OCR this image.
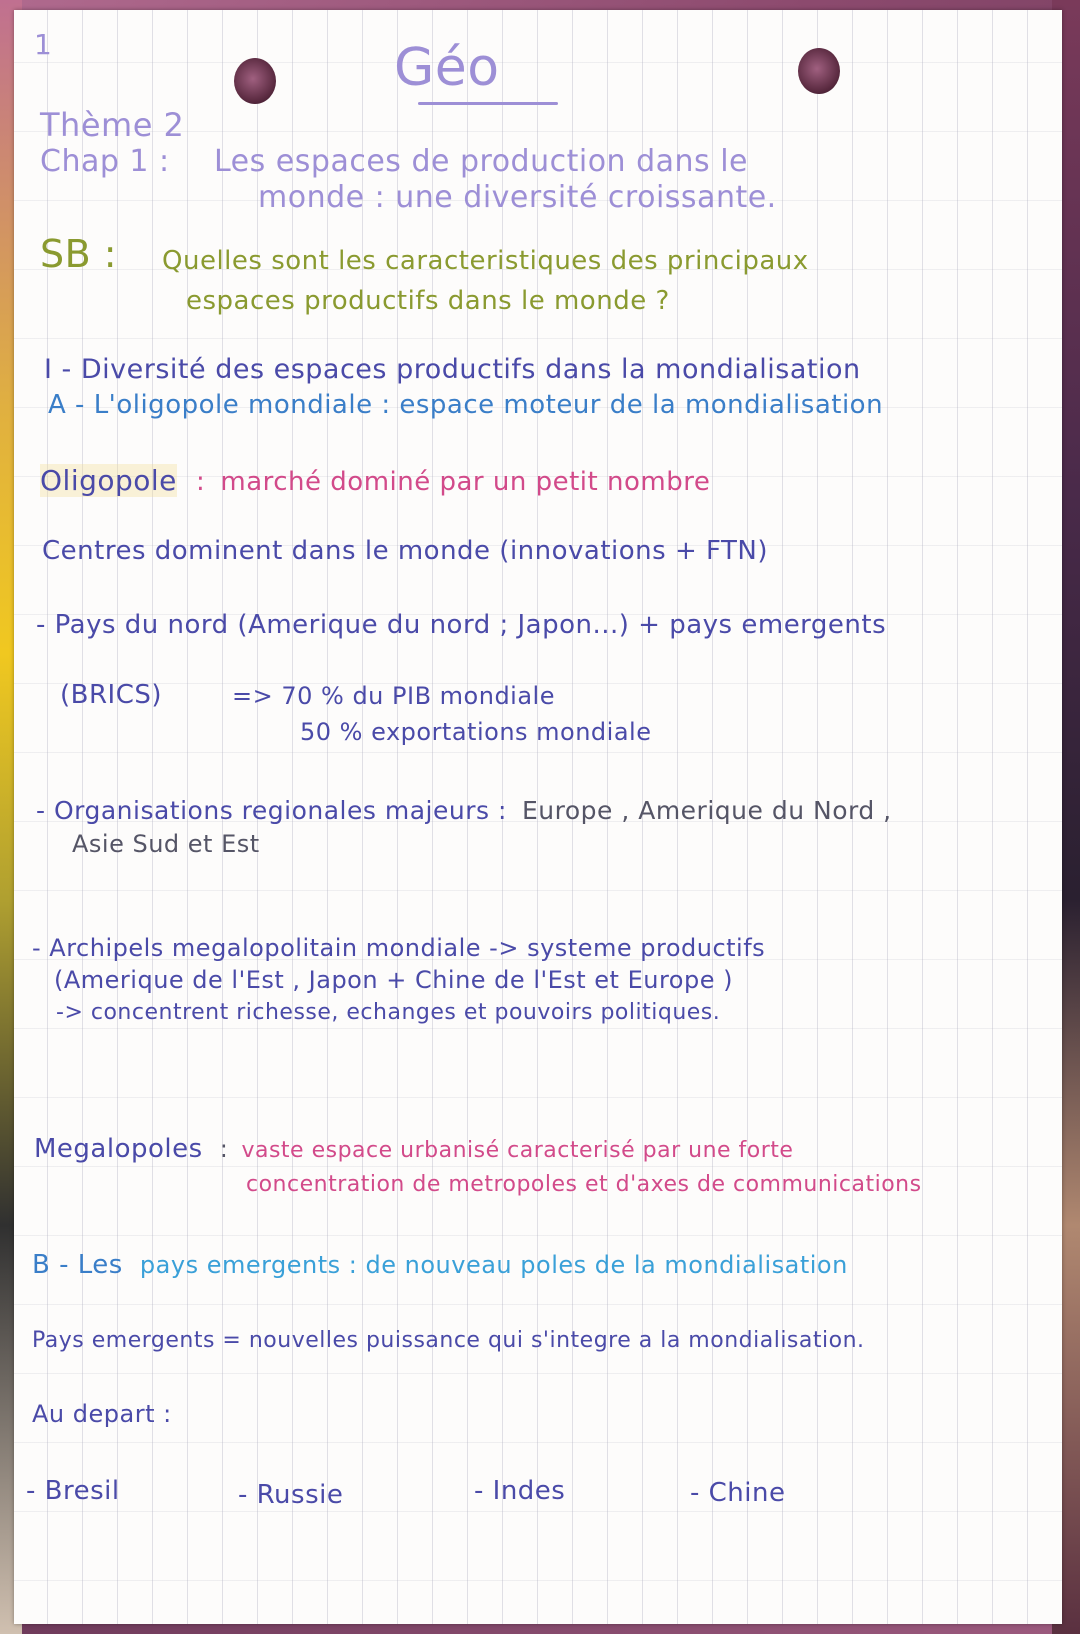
1	Géo
Thème 2
Chap 1 : Les espaces de production dans le
monde : une diversité croissante.
SB : Quelles sont les caracteristiques des principaux
espaces productifs dans le monde ?
I - Diversité des espaces productifs dans la mondialisation
A - L'oligopole mondiale : espace moteur de la mondialisation
Oligopole : marché dominé par un petit nombre
Centres dominent dans le monde (innovations + FTN)
- Pays du nord (Amerique du nord ; Japon...) + pays emergents
(BRICS)	=> 70 % du PIB mondiale
50 % exportations mondiale
- Organisations regionales majeurs : Europe , Amerique du Nord ,
Asie Sud et Est
- Archipels megalopolitain mondiale -> systeme productifs
(Amerique de l'Est , Japon + Chine de l'Est et Europe )
-> concentrent richesse, echanges et pouvoirs politiques.
Megalopoles : vaste espace urbanisé caracterisé par une forte
concentration de metropoles et d'axes de communications
B - Les pays emergents : de nouveau poles de la mondialisation
Pays emergents = nouvelles puissance qui s'integre a la mondialisation.
Au depart :
- Bresil	- Russie	- Indes	- Chine
